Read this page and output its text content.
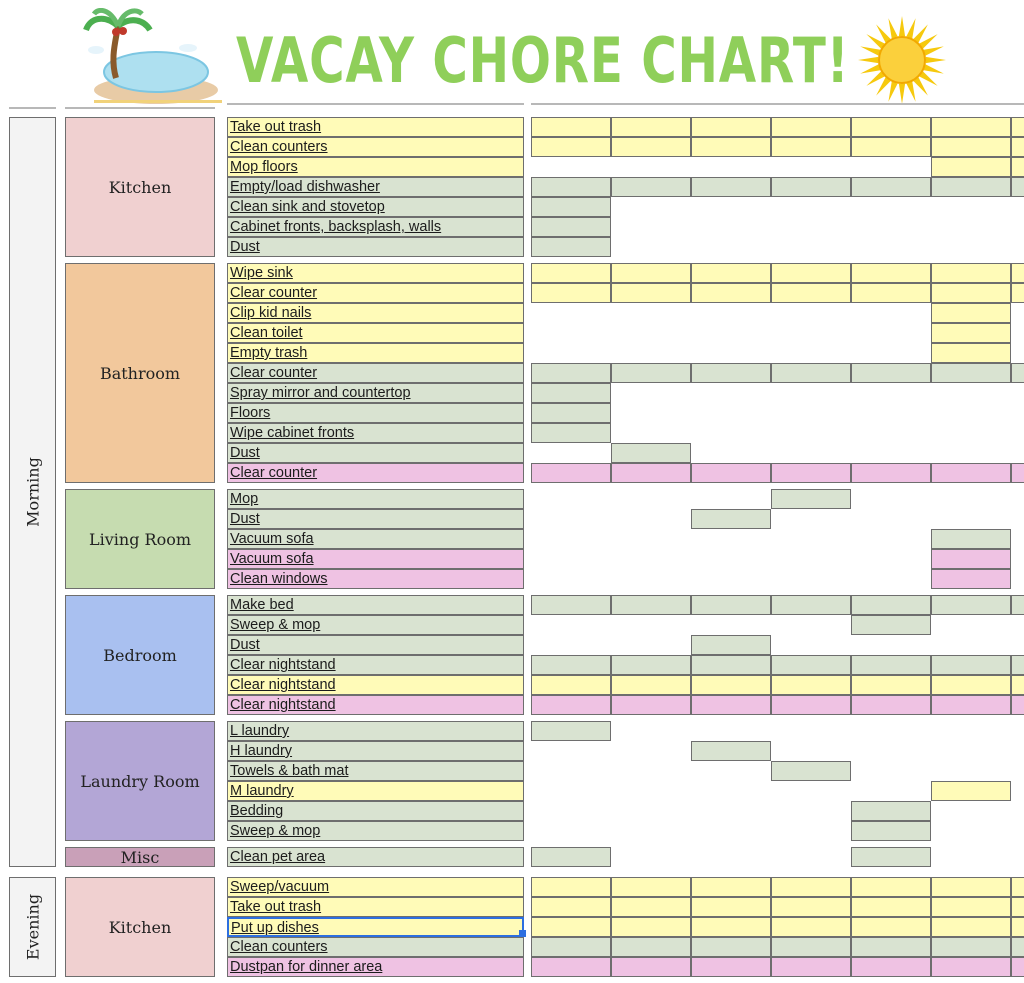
VACAY CHORE CHART!
Take out trash
Clean counters
Mop floors
Empty/load dishwasher
Clean sink and stovetop
Cabinet fronts, backsplash, walls
Dust
Kitchen
Wipe sink
Clear counter
Clip kid nails
Clean toilet
Empty trash
Clear counter
Spray mirror and countertop
Floors
Wipe cabinet fronts
Dust
Clear counter
Bathroom
Mop
Dust
Vacuum sofa
Vacuum sofa
Clean windows
Living Room
Make bed
Sweep & mop
Dust
Clear nightstand
Clear nightstand
Clear nightstand
Bedroom
L laundry
H laundry
Towels & bath mat
M laundry
Bedding
Sweep & mop
Laundry Room
Clean pet area
Misc
Morning
Sweep/vacuum
Take out trash
Put up dishes
Clean counters
Dustpan for dinner area
Kitchen
Evening
